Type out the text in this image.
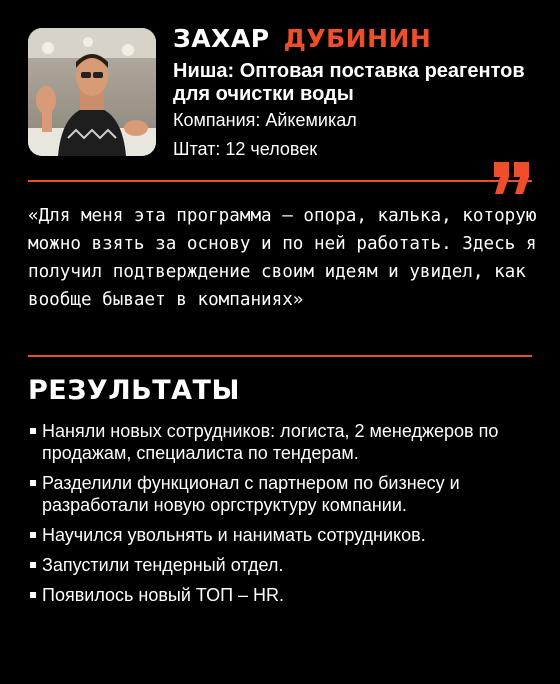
ЗАХАР ДУБИНИН
Ниша: Оптовая поставка реагентов для очистки воды
Компания: Айкемикал
Штат: 12 человек

«Для меня эта программа – опора, калька, которую можно взять за основу и по ней работать. Здесь я получил подтверждение своим идеям и увидел, как вообще бывает в компаниях»

РЕЗУЛЬТАТЫ
Наняли новых сотрудников: логиста, 2 менеджеров по продажам, специалиста по тендерам.
Разделили функционал с партнером по бизнесу и разработали новую оргструктуру компании.
Научился увольнять и нанимать сотрудников.
Запустили тендерный отдел.
Появилось новый ТОП – HR.
